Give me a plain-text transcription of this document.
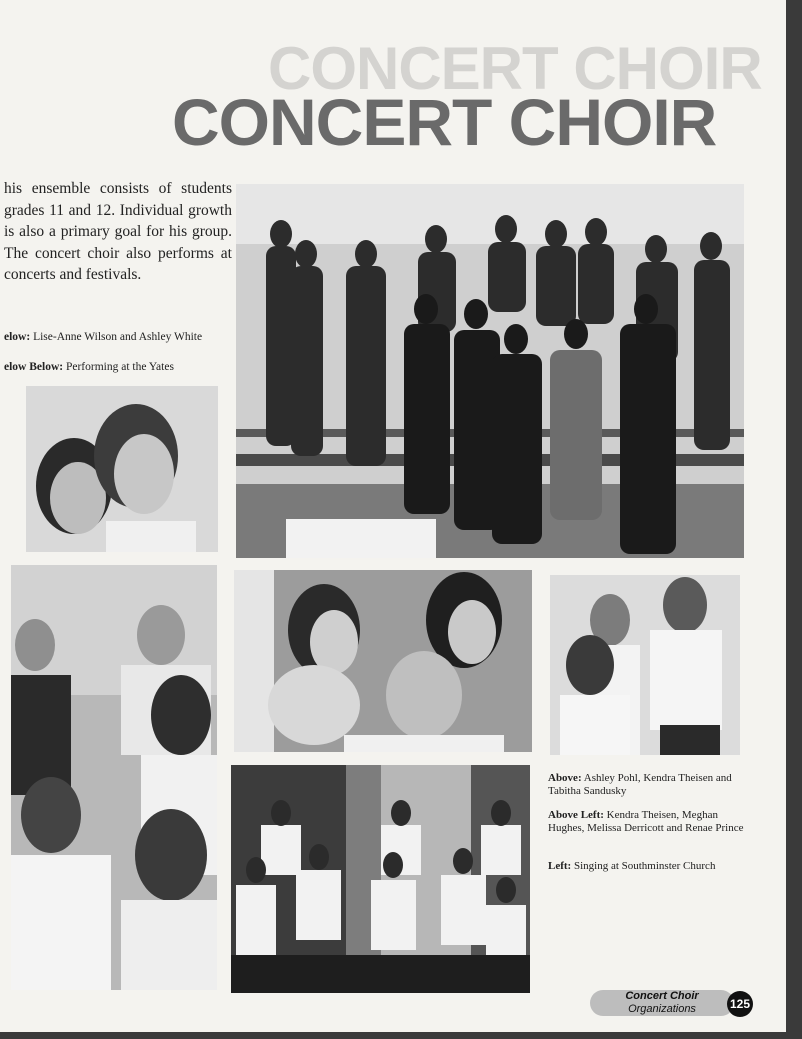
CONCERT CHOIR
CONCERT CHOIR

his ensemble consists of students grades 11 and 12. Individual growth is also a primary goal for his group. The concert choir also performs at concerts and festivals.

elow: Lise-Anne Wilson and Ashley White

elow Below: Performing at the Yates

Above: Ashley Pohl, Kendra Theisen and Tabitha Sandusky

Above Left: Kendra Theisen, Meghan Hughes, Melissa Derricott and Renae Prince

Left: Singing at Southminster Church

Concert Choir
Organizations	125
